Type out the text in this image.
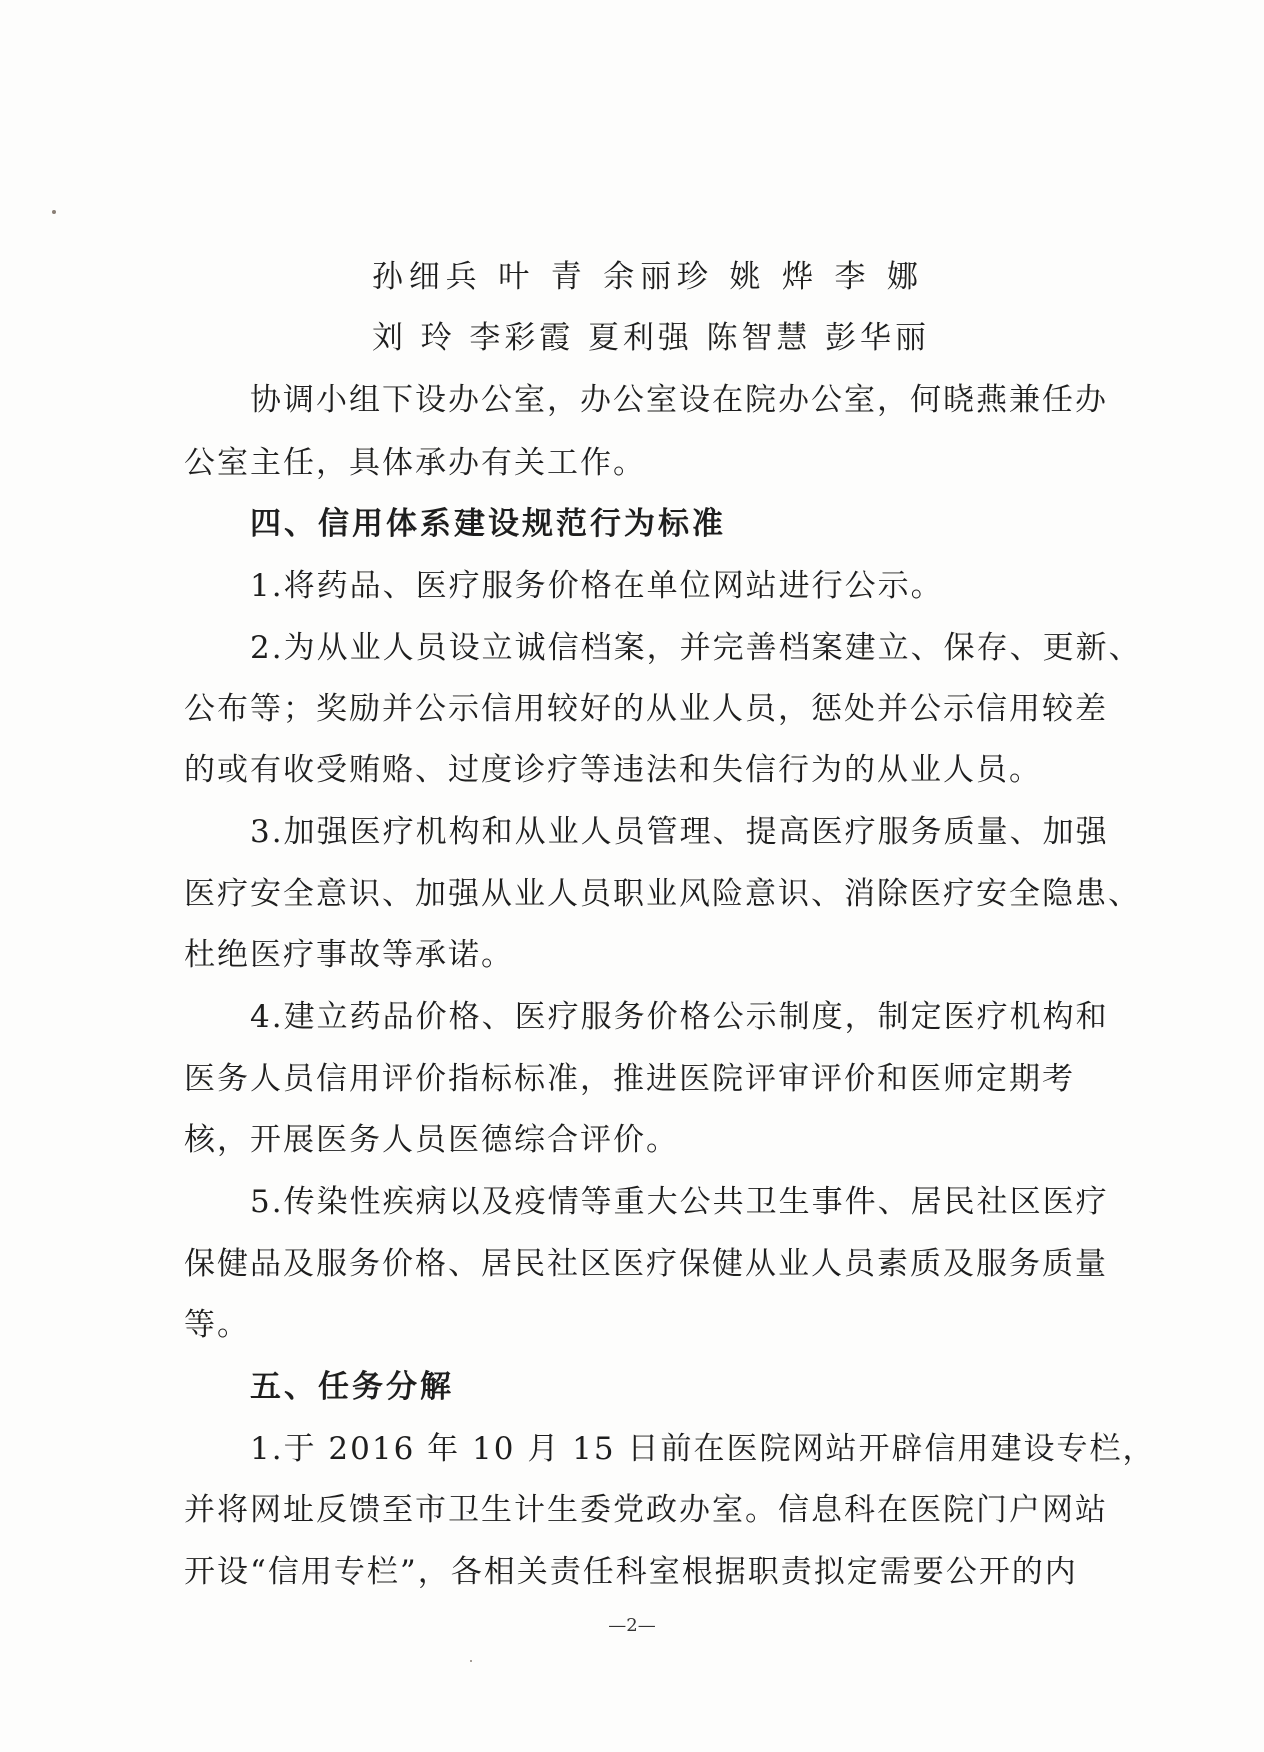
孙细兵 叶 青 余丽珍 姚 烨 李 娜
刘 玲 李彩霞 夏利强 陈智慧 彭华丽
协调小组下设办公室，办公室设在院办公室，何晓燕兼任办
公室主任，具体承办有关工作。
四、信用体系建设规范行为标准
1.将药品、医疗服务价格在单位网站进行公示。
2.为从业人员设立诚信档案，并完善档案建立、保存、更新、
公布等；奖励并公示信用较好的从业人员，惩处并公示信用较差
的或有收受贿赂、过度诊疗等违法和失信行为的从业人员。
3.加强医疗机构和从业人员管理、提高医疗服务质量、加强
医疗安全意识、加强从业人员职业风险意识、消除医疗安全隐患、
杜绝医疗事故等承诺。
4.建立药品价格、医疗服务价格公示制度，制定医疗机构和
医务人员信用评价指标标准，推进医院评审评价和医师定期考
核，开展医务人员医德综合评价。
5.传染性疾病以及疫情等重大公共卫生事件、居民社区医疗
保健品及服务价格、居民社区医疗保健从业人员素质及服务质量
等。
五、任务分解
1.于 2016 年 10 月 15 日前在医院网站开辟信用建设专栏，
并将网址反馈至市卫生计生委党政办室。信息科在医院门户网站
开设“信用专栏”，各相关责任科室根据职责拟定需要公开的内
—2—
